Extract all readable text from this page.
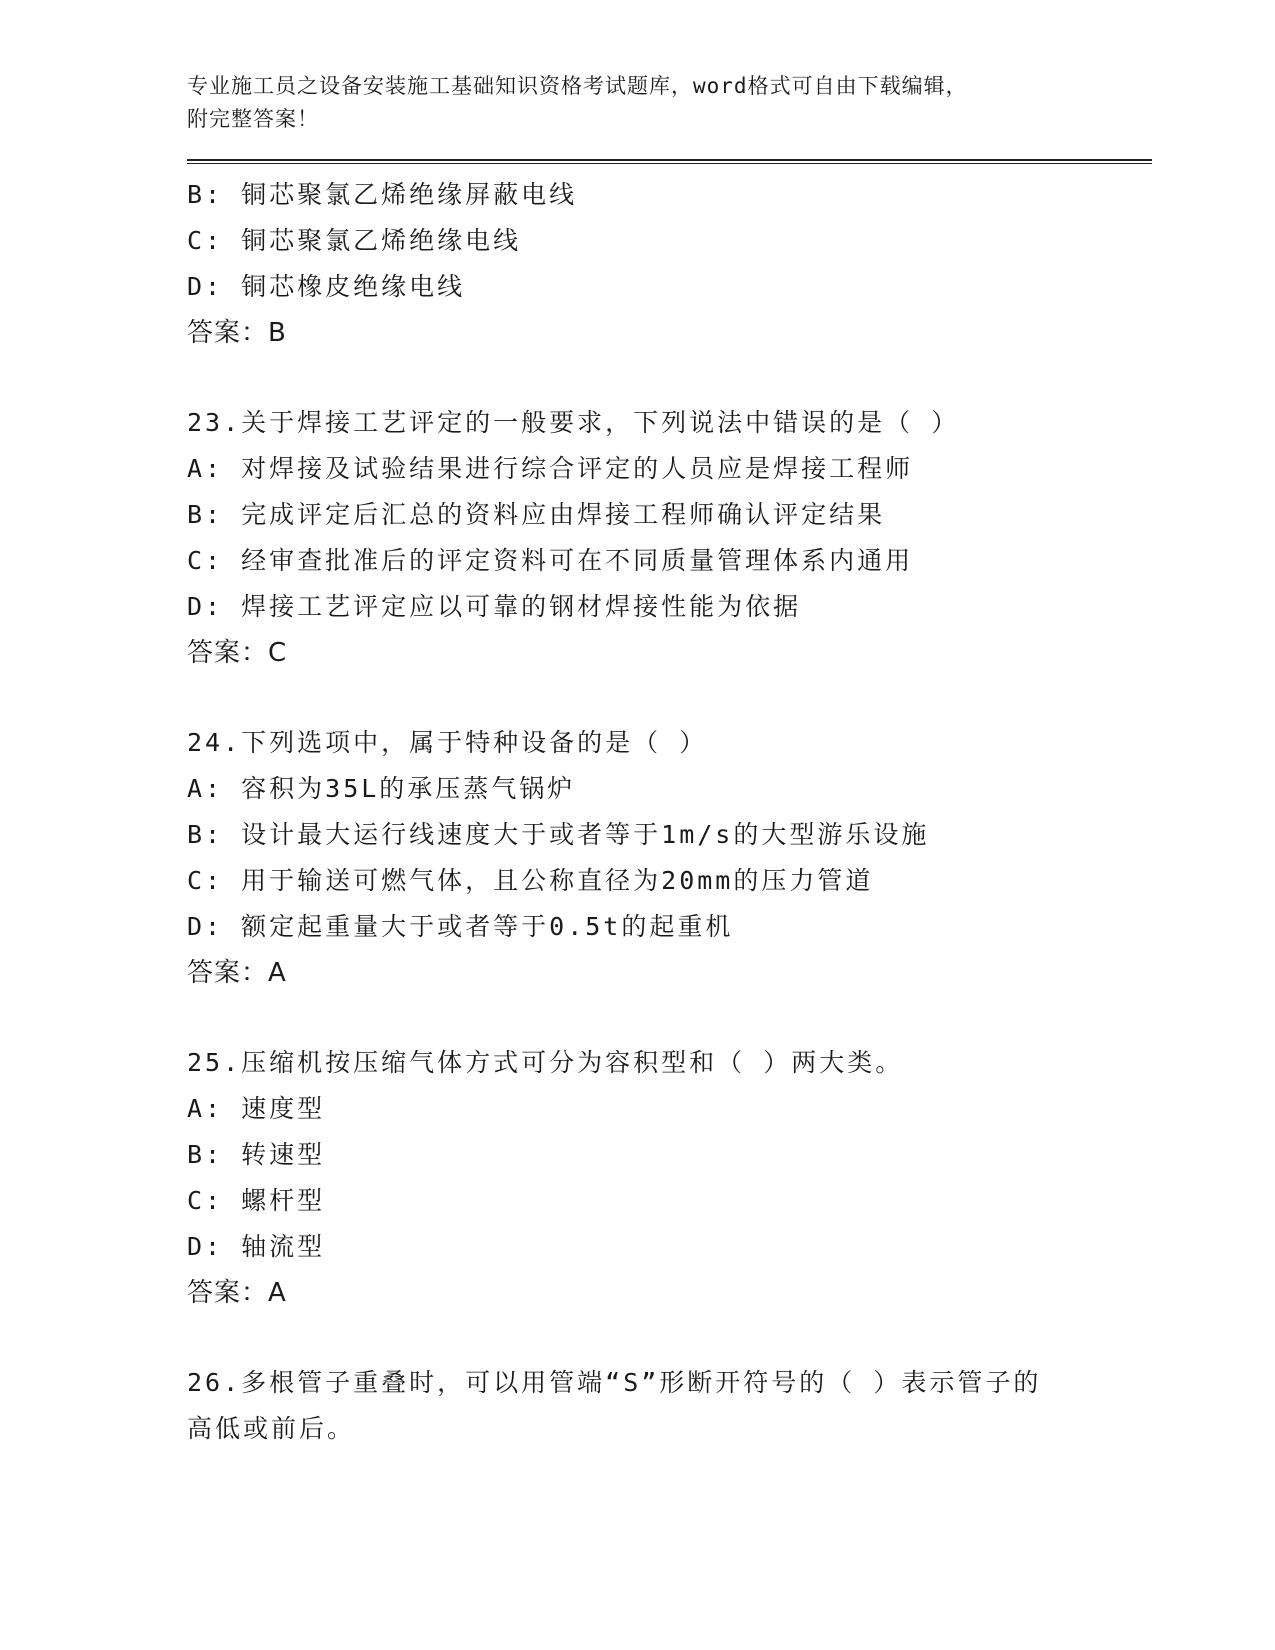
专业施工员之设备安装施工基础知识资格考试题库，word格式可自由下载编辑，
附完整答案！
B: 铜芯聚氯乙烯绝缘屏蔽电线
C: 铜芯聚氯乙烯绝缘电线
D: 铜芯橡皮绝缘电线
答案：B
23.关于焊接工艺评定的一般要求，下列说法中错误的是（ ）
A: 对焊接及试验结果进行综合评定的人员应是焊接工程师
B: 完成评定后汇总的资料应由焊接工程师确认评定结果
C: 经审查批准后的评定资料可在不同质量管理体系内通用
D: 焊接工艺评定应以可靠的钢材焊接性能为依据
答案：C
24.下列选项中，属于特种设备的是（ ）
A: 容积为35L的承压蒸气锅炉
B: 设计最大运行线速度大于或者等于1m/s的大型游乐设施
C: 用于输送可燃气体，且公称直径为20mm的压力管道
D: 额定起重量大于或者等于0.5t的起重机
答案：A
25.压缩机按压缩气体方式可分为容积型和（ ）两大类。
A: 速度型
B: 转速型
C: 螺杆型
D: 轴流型
答案：A
26.多根管子重叠时，可以用管端“S”形断开符号的（ ）表示管子的
高低或前后。
